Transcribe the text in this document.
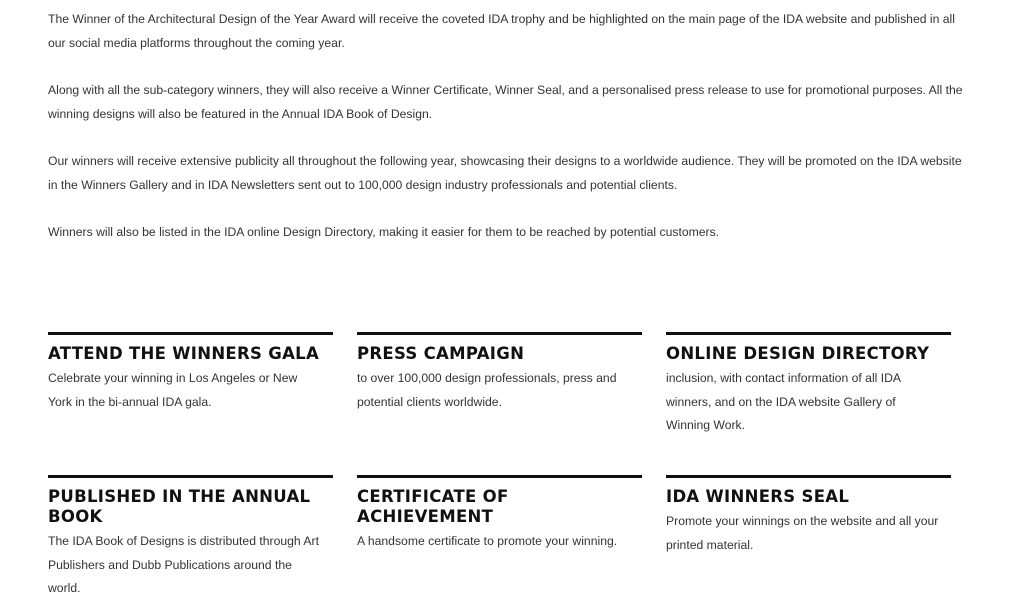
The Winner of the Architectural Design of the Year Award will receive the coveted IDA trophy and be highlighted on the main page of the IDA website and published in all our social media platforms throughout the coming year.

Along with all the sub-category winners, they will also receive a Winner Certificate, Winner Seal, and a personalised press release to use for promotional purposes. All the winning designs will also be featured in the Annual IDA Book of Design.

Our winners will receive extensive publicity all throughout the following year, showcasing their designs to a worldwide audience. They will be promoted on the IDA website in the Winners Gallery and in IDA Newsletters sent out to 100,000 design industry professionals and potential clients.

Winners will also be listed in the IDA online Design Directory, making it easier for them to be reached by potential customers.

ATTEND THE WINNERS GALA

Celebrate your winning in Los Angeles or New York in the bi-annual IDA gala.

PRESS CAMPAIGN

to over 100,000 design professionals, press and potential clients worldwide.

ONLINE DESIGN DIRECTORY

inclusion, with contact information of all IDA winners, and on the IDA website Gallery of Winning Work.

PUBLISHED IN THE ANNUAL BOOK

The IDA Book of Designs is distributed through Art Publishers and Dubb Publications around the world.

CERTIFICATE OF ACHIEVEMENT

A handsome certificate to promote your winning.

IDA WINNERS SEAL

Promote your winnings on the website and all your printed material.
